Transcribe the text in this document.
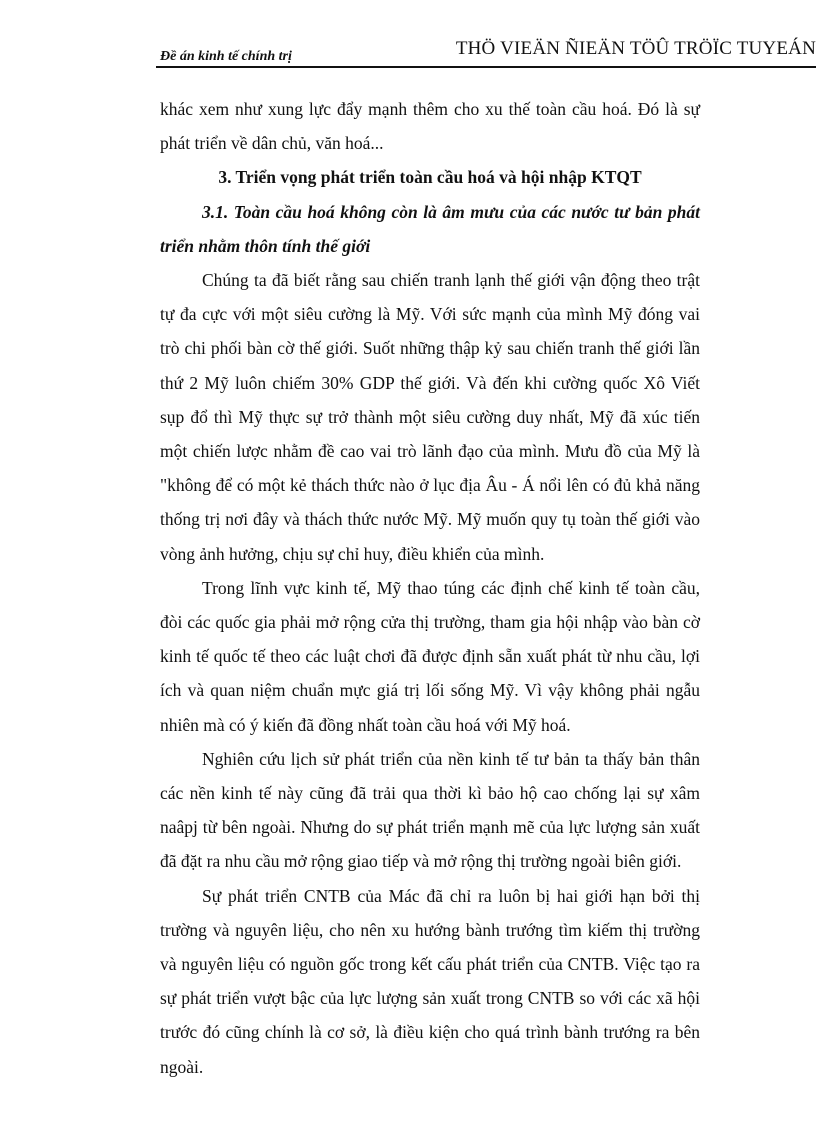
Đề án kinh tế chính trị	THÖ VIEÄN ÑIEÄN TÖÛ TRÖÏC TUYEÁN

khác xem như xung lực đẩy mạnh thêm cho xu thế toàn cầu hoá. Đó là sự phát triển về dân chủ, văn hoá...

3. Triển vọng phát triển toàn cầu hoá và hội nhập KTQT

3.1. Toàn cầu hoá không còn là âm mưu của các nước tư bản phát triển nhằm thôn tính thế giới

Chúng ta đã biết rằng sau chiến tranh lạnh thế giới vận động theo trật tự đa cực với một siêu cường là Mỹ. Với sức mạnh của mình Mỹ đóng vai trò chi phối bàn cờ thế giới. Suốt những thập kỷ sau chiến tranh thế giới lần thứ 2 Mỹ luôn chiếm 30% GDP thế giới. Và đến khi cường quốc Xô Viết sụp đổ thì Mỹ thực sự trở thành một siêu cường duy nhất, Mỹ đã xúc tiến một chiến lược nhằm đề cao vai trò lãnh đạo của mình. Mưu đồ của Mỹ là "không để có một kẻ thách thức nào ở lục địa Âu - Á nổi lên có đủ khả năng thống trị nơi đây và thách thức nước Mỹ. Mỹ muốn quy tụ toàn thế giới vào vòng ảnh hưởng, chịu sự chỉ huy, điều khiển của mình.

Trong lĩnh vực kinh tế, Mỹ thao túng các định chế kinh tế toàn cầu, đòi các quốc gia phải mở rộng cửa thị trường, tham gia hội nhập vào bàn cờ kinh tế quốc tế theo các luật chơi đã được định sẵn xuất phát từ nhu cầu, lợi ích và quan niệm chuẩn mực giá trị lối sống Mỹ. Vì vậy không phải ngẫu nhiên mà có ý kiến đã đồng nhất toàn cầu hoá với Mỹ hoá.

Nghiên cứu lịch sử phát triển của nền kinh tế tư bản ta thấy bản thân các nền kinh tế này cũng đã trải qua thời kì bảo hộ cao chống lại sự xâm naâpj từ bên ngoài. Nhưng do sự phát triển mạnh mẽ của lực lượng sản xuất đã đặt ra nhu cầu mở rộng giao tiếp và mở rộng thị trường ngoài biên giới.

Sự phát triển CNTB của Mác đã chỉ ra luôn bị hai giới hạn bởi thị trường và nguyên liệu, cho nên xu hướng bành trướng tìm kiếm thị trường và nguyên liệu có nguồn gốc trong kết cấu phát triển của CNTB. Việc tạo ra sự phát triển vượt bậc của lực lượng sản xuất trong CNTB so với các xã hội trước đó cũng chính là cơ sở, là điều kiện cho quá trình bành trướng ra bên ngoài.
